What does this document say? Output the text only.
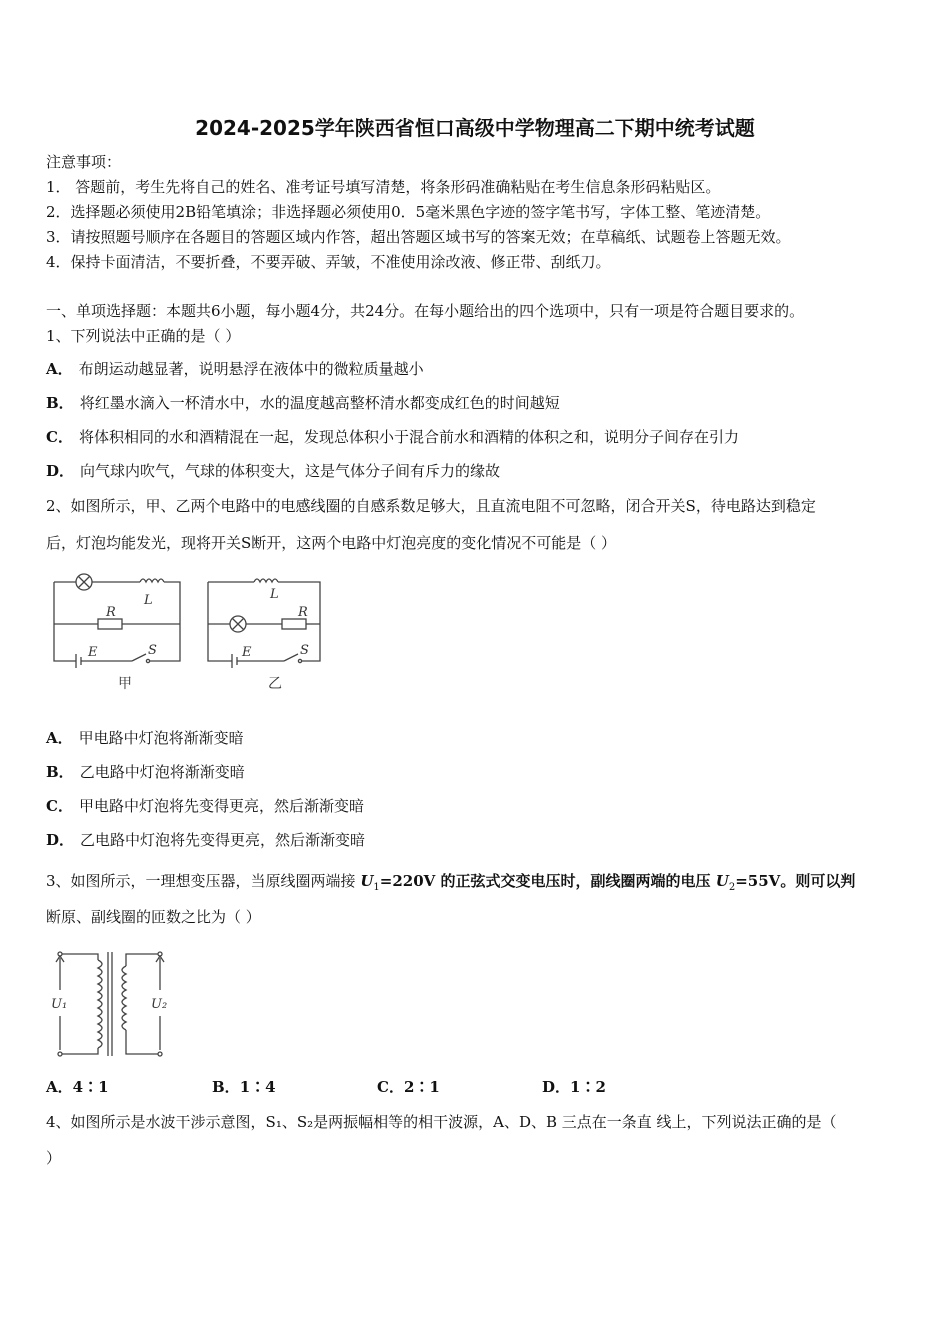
2024-2025学年陕西省恒口高级中学物理高二下期中统考试题
注意事项：
1． 答题前，考生先将自己的姓名、准考证号填写清楚，将条形码准确粘贴在考生信息条形码粘贴区。
2．选择题必须使用2B铅笔填涂；非选择题必须使用0．5毫米黑色字迹的签字笔书写，字体工整、笔迹清楚。
3．请按照题号顺序在各题目的答题区域内作答，超出答题区域书写的答案无效；在草稿纸、试题卷上答题无效。
4．保持卡面清洁，不要折叠，不要弄破、弄皱，不准使用涂改液、修正带、刮纸刀。
一、单项选择题：本题共6小题，每小题4分，共24分。在每小题给出的四个选项中，只有一项是符合题目要求的。
1、下列说法中正确的是（ ）
A． 布朗运动越显著，说明悬浮在液体中的微粒质量越小
B． 将红墨水滴入一杯清水中，水的温度越高整杯清水都变成红色的时间越短
C． 将体积相同的水和酒精混在一起，发现总体积小于混合前水和酒精的体积之和，说明分子间存在引力
D． 向气球内吹气，气球的体积变大，这是气体分子间有斥力的缘故
2、如图所示，甲、乙两个电路中的电感线圈的自感系数足够大，且直流电阻不可忽略，闭合开关S，待电路达到稳定
后，灯泡均能发光，现将开关S断开，这两个电路中灯泡亮度的变化情况不可能是（ ）
L
R
E	S
L
R
E	S
甲	乙
A． 甲电路中灯泡将渐渐变暗
B． 乙电路中灯泡将渐渐变暗
C． 甲电路中灯泡将先变得更亮，然后渐渐变暗
D． 乙电路中灯泡将先变得更亮，然后渐渐变暗
3、如图所示，一理想变压器，当原线圈两端接 $U_1=220V$ 的正弦式交变电压时，副线圈两端的电压 $U_2=55V$。则可以判
断原、副线圈的匝数之比为（ ）
U₁	U₂
A．4∶1	B．1∶4	C．2∶1	D．1∶2
4、如图所示是水波干涉示意图，S₁、S₂是两振幅相等的相干波源，A、D、B 三点在一条直 线上，下列说法正确的是（
）
